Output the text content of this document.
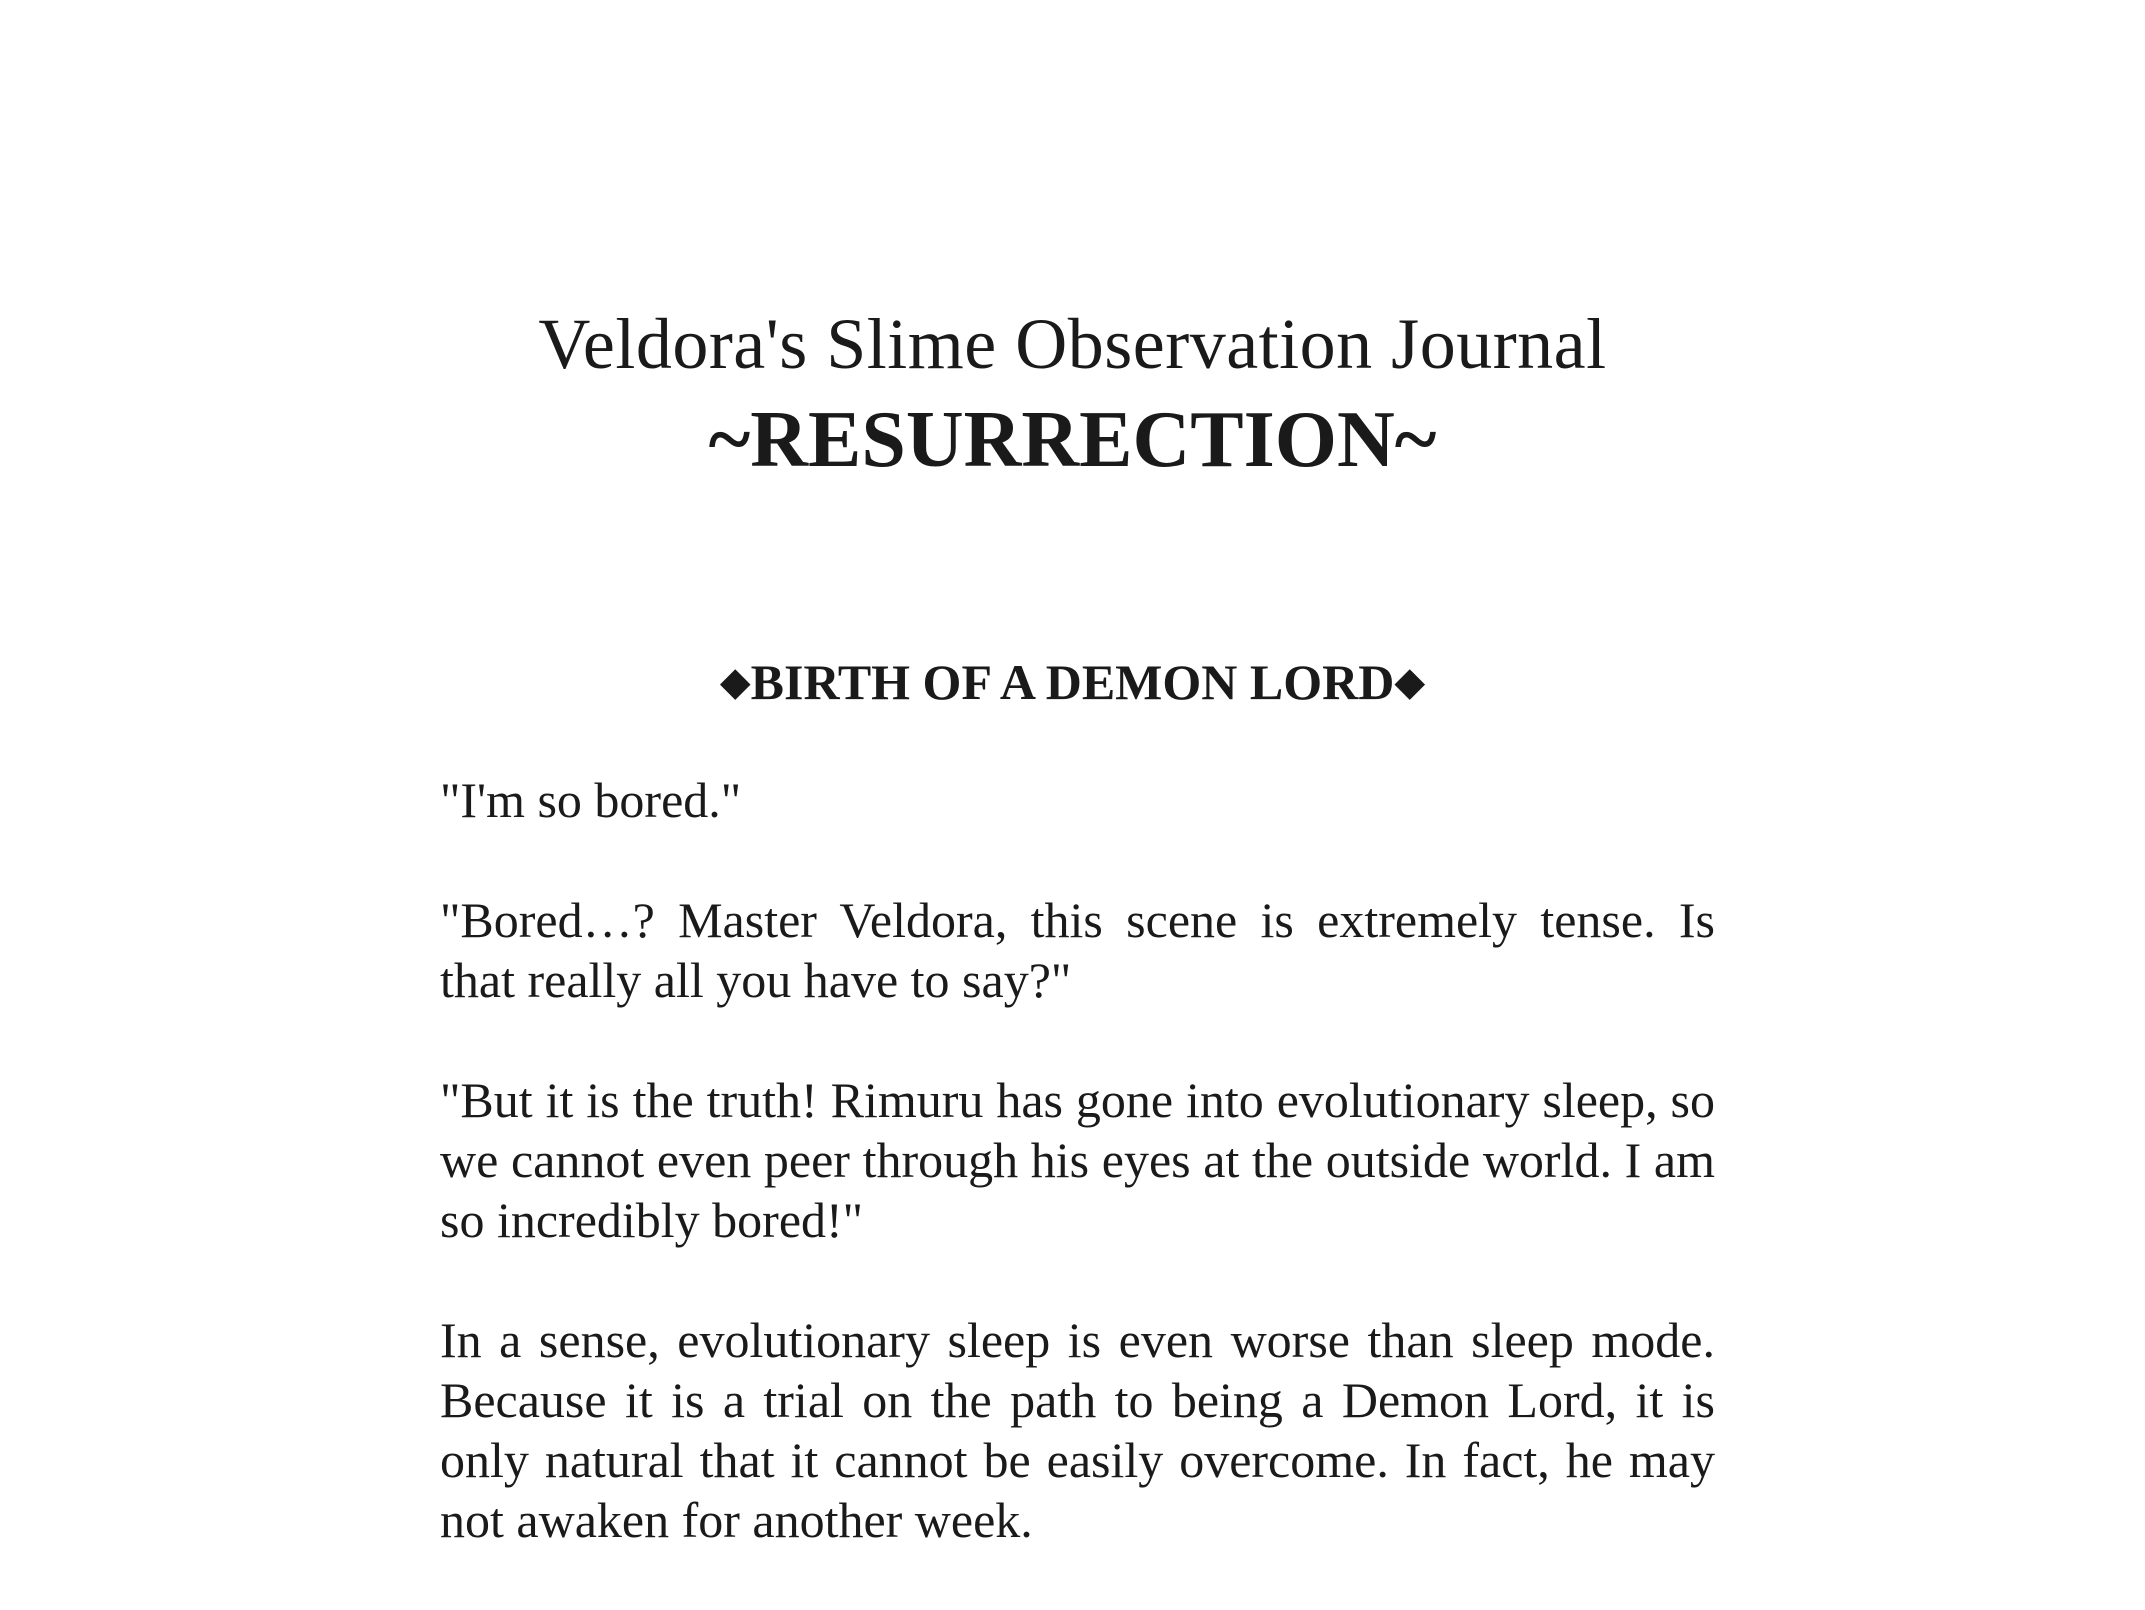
Veldora's Slime Observation Journal
~RESURRECTION~
◆BIRTH OF A DEMON LORD◆

"I'm so bored."

"Bored…? Master Veldora, this scene is extremely tense. Is that really all you have to say?"

"But it is the truth! Rimuru has gone into evolutionary sleep, so we cannot even peer through his eyes at the outside world. I am so incredibly bored!"

In a sense, evolutionary sleep is even worse than sleep mode. Because it is a trial on the path to being a Demon Lord, it is only natural that it cannot be easily overcome. In fact, he may not awaken for another week.
